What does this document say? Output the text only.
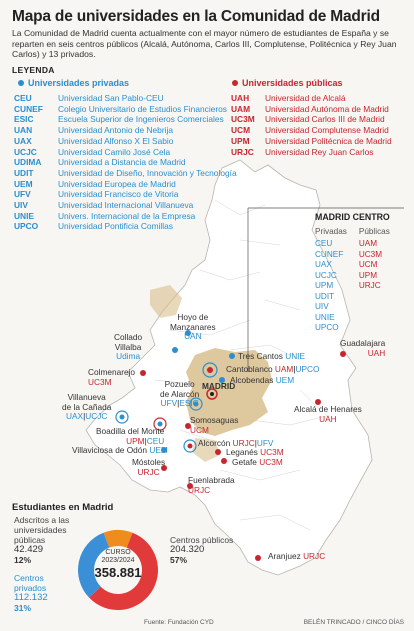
Mapa de universidades en la Comunidad de Madrid
La Comunidad de Madrid cuenta actualmente con el mayor número de estudiantes de España y se reparten en seis centros públicos (Alcalá, Autónoma, Carlos III, Complutense, Politécnica y Rey Juan Carlos) y 13 privados.
LEYENDA
Universidades privadas	Universidades públicas
CEU	Universidad San Pablo-CEU
CUNEF	Colegio Universitario de Estudios Financieros
ESIC	Escuela Superior de Ingenieros Comerciales
UAN	Universidad Antonio de Nebrija
UAX	Universidad Alfonso X El Sabio
UCJC	Universidad Camilo José Cela
UDIMA	Universidad a Distancia de Madrid
UDIT	Universidad de Diseño, Innovación y Tecnología
UEM	Universidad Europea de Madrid
UFV	Universidad Francisco de Vitoria
UIV	Universidad Internacional Villanueva
UNIE	Univers. Internacional de la Empresa
UPCO	Universidad Pontificia Comillas
UAH	Universidad de Alcalá
UAM	Universidad Autónoma de Madrid
UC3M	Universidad Carlos III de Madrid
UCM	Universidad Complutense Madrid
UPM	Universidad Politécnica de Madrid
URJC	Universidad Rey Juan Carlos
MADRID CENTRO
Privadas
CEU
CUNEF
UAX
UCJC
UPM
UDIT
UIV
UNIE
UPCO
Públicas
UAM
UC3M
UCM
UPM
URJC
Hoyo de
Manzanares
UAN
Collado
Villalba
Udima	Tres Cantos UNIE
Colmenarejo
UC3M
Cantoblanco UAM|UPCO
Alcobendas UEM
Guadalajara
UAH
MADRID
Pozuelo
de Alarcón
UFV|ESIC
Villanueva
de la Cañada
UAX|UCJC
Boadilla del Monte
UPM|CEU
Somosaguas
UCM
Alcalá de Henares
UAH
Villaviciosa de Odón UEM
Alcorcón URJC|UFV
Leganés UC3M
Móstoles
URJC
Getafe UC3M
Fuenlabrada
URJC
Aranjuez URJC
Estudiantes en Madrid
CURSO
2023/2024
358.881
Adscritos a las universidades públicas
42.429
12%
Centros privados
112.132
31%
Centros públicos
204.320
57%
Fuente: Fundación CYD	BELÉN TRINCADO / CINCO DÍAS
